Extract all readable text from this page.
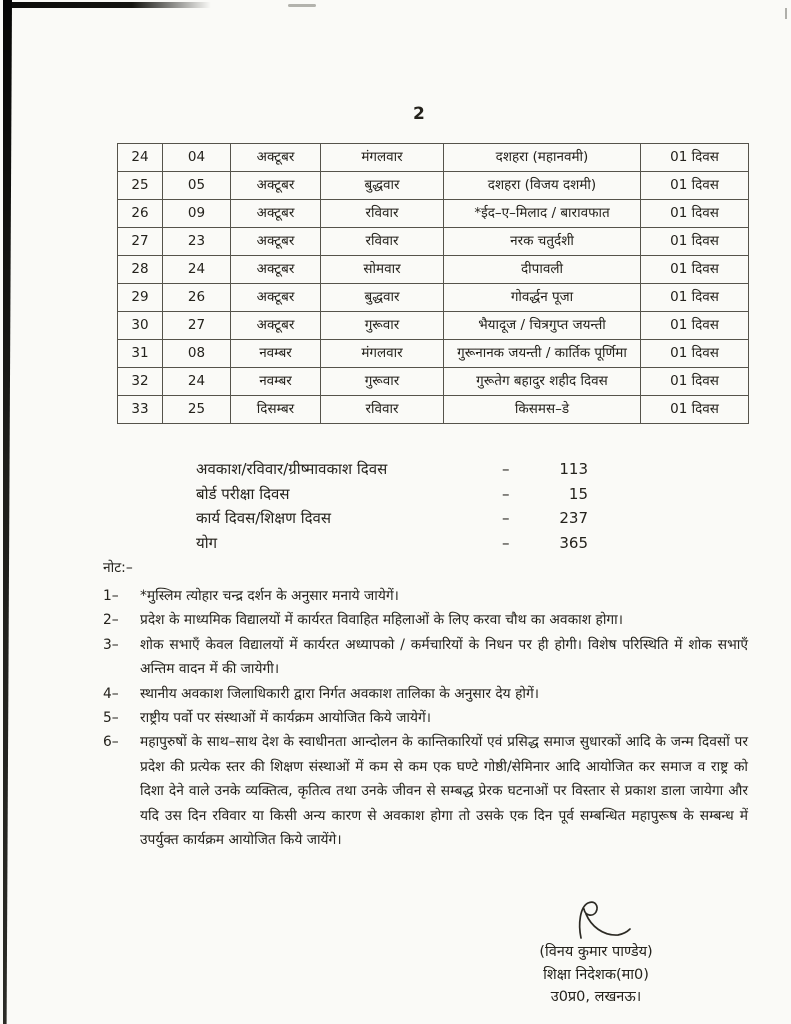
2
24	04	अक्टूबर	मंगलवार	दशहरा (महानवमी)	01 दिवस
25	05	अक्टूबर	बुद्धवार	दशहरा (विजय दशमी)	01 दिवस
26	09	अक्टूबर	रविवार	*ईद–ए–मिलाद / बारावफात	01 दिवस
27	23	अक्टूबर	रविवार	नरक चतुर्दशी	01 दिवस
28	24	अक्टूबर	सोमवार	दीपावली	01 दिवस
29	26	अक्टूबर	बुद्धवार	गोवर्द्धन पूजा	01 दिवस
30	27	अक्टूबर	गुरूवार	भैयादूज / चित्रगुप्त जयन्ती	01 दिवस
31	08	नवम्बर	मंगलवार	गुरूनानक जयन्ती / कार्तिक पूर्णिमा	01 दिवस
32	24	नवम्बर	गुरूवार	गुरूतेग बहादुर शहीद दिवस	01 दिवस
33	25	दिसम्बर	रविवार	किसमस–डे	01 दिवस
अवकाश/रविवार/ग्रीष्मावकाश दिवस	–	113
बोर्ड परीक्षा दिवस	–	15
कार्य दिवस/शिक्षण दिवस	–	237
योग	–	365
नोट:–
1–	*मुस्लिम त्योहार चन्द्र दर्शन के अनुसार मनाये जायेगें।
2–	प्रदेश के माध्यमिक विद्यालयों में कार्यरत विवाहित महिलाओं के लिए करवा चौथ का अवकाश होगा।
3–	शोक सभाएँ केवल विद्यालयों में कार्यरत अध्यापको / कर्मचारियों के निधन पर ही होगी। विशेष परिस्थिति में शोक सभाएँ अन्तिम वादन में की जायेगी।
4–	स्थानीय अवकाश जिलाधिकारी द्वारा निर्गत अवकाश तालिका के अनुसार देय होगें।
5–	राष्ट्रीय पर्वो पर संस्थाओं में कार्यक्रम आयोजित किये जायेगें।
6–	महापुरुषों के साथ–साथ देश के स्वाधीनता आन्दोलन के कान्तिकारियों एवं प्रसिद्ध समाज सुधारकों आदि के जन्म दिवसों पर प्रदेश की प्रत्येक स्तर की शिक्षण संस्थाओं में कम से कम एक घण्टे गोष्ठी/सेमिनार आदि आयोजित कर समाज व राष्ट्र को दिशा देने वाले उनके व्यक्तित्व, कृतित्व तथा उनके जीवन से सम्बद्ध प्रेरक घटनाओं पर विस्तार से प्रकाश डाला जायेगा और यदि उस दिन रविवार या किसी अन्य कारण से अवकाश होगा तो उसके एक दिन पूर्व सम्बन्धित महापुरूष के सम्बन्ध में उपर्युक्त कार्यक्रम आयोजित किये जायेंगे।
(विनय कुमार पाण्डेय)
शिक्षा निदेशक(मा0)
उ0प्र0, लखनऊ।
